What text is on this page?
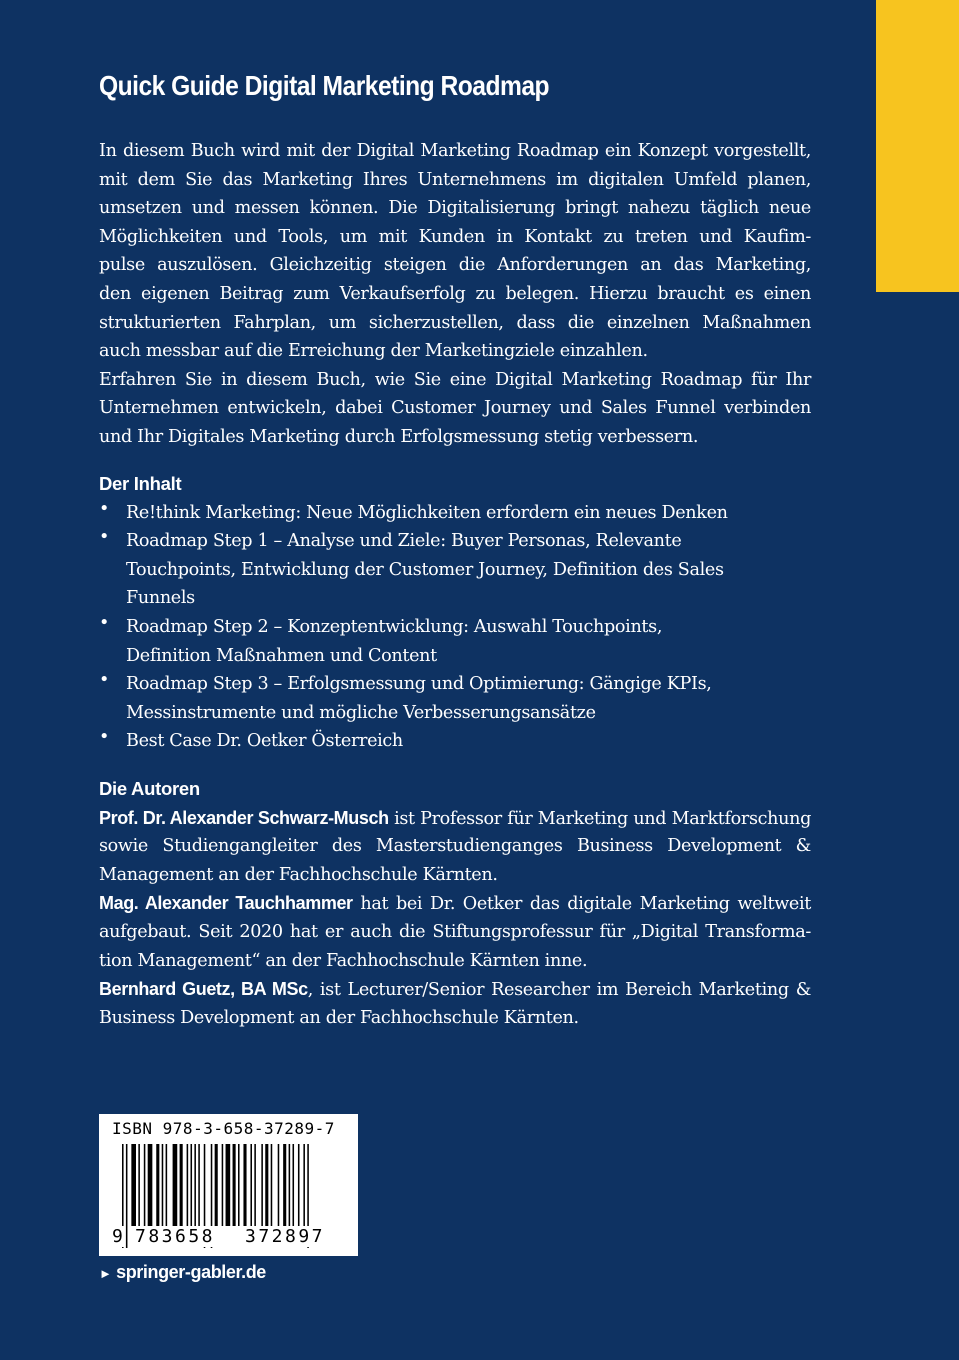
Quick Guide Digital Marketing Roadmap
In diesem Buch wird mit der Digital Marketing Roadmap ein Konzept vorgestellt,
mit dem Sie das Marketing Ihres Unternehmens im digitalen Umfeld planen,
umsetzen und messen können. Die Digitalisierung bringt nahezu täglich neue
Möglichkeiten und Tools, um mit Kunden in Kontakt zu treten und Kaufim-
pulse auszulösen. Gleichzeitig steigen die Anforderungen an das Marketing,
den eigenen Beitrag zum Verkaufserfolg zu belegen. Hierzu braucht es einen
strukturierten Fahrplan, um sicherzustellen, dass die einzelnen Maßnahmen
auch messbar auf die Erreichung der Marketingziele einzahlen.
Erfahren Sie in diesem Buch, wie Sie eine Digital Marketing Roadmap für Ihr
Unternehmen entwickeln, dabei Customer Journey und Sales Funnel verbinden
und Ihr Digitales Marketing durch Erfolgsmessung stetig verbessern.
Der Inhalt
• Re!think Marketing: Neue Möglichkeiten erfordern ein neues Denken
• Roadmap Step 1 – Analyse und Ziele: Buyer Personas, Relevante
Touchpoints, Entwicklung der Customer Journey, Definition des Sales
Funnels
• Roadmap Step 2 – Konzeptentwicklung: Auswahl Touchpoints,
Definition Maßnahmen und Content
• Roadmap Step 3 – Erfolgsmessung und Optimierung: Gängige KPIs,
Messinstrumente und mögliche Verbesserungsansätze
• Best Case Dr. Oetker Österreich
Die Autoren
Prof. Dr. Alexander Schwarz-Musch ist Professor für Marketing und Marktforschung
sowie Studiengangleiter des Masterstudienganges Business Development &
Management an der Fachhochschule Kärnten.
Mag. Alexander Tauchhammer hat bei Dr. Oetker das digitale Marketing weltweit
aufgebaut. Seit 2020 hat er auch die Stiftungsprofessur für „Digital Transforma-
tion Management“ an der Fachhochschule Kärnten inne.
Bernhard Guetz, BA MSc, ist Lecturer/Senior Researcher im Bereich Marketing &
Business Development an der Fachhochschule Kärnten.
ISBN 978-3-658-37289-7
9 783658 372897
► springer-gabler.de
